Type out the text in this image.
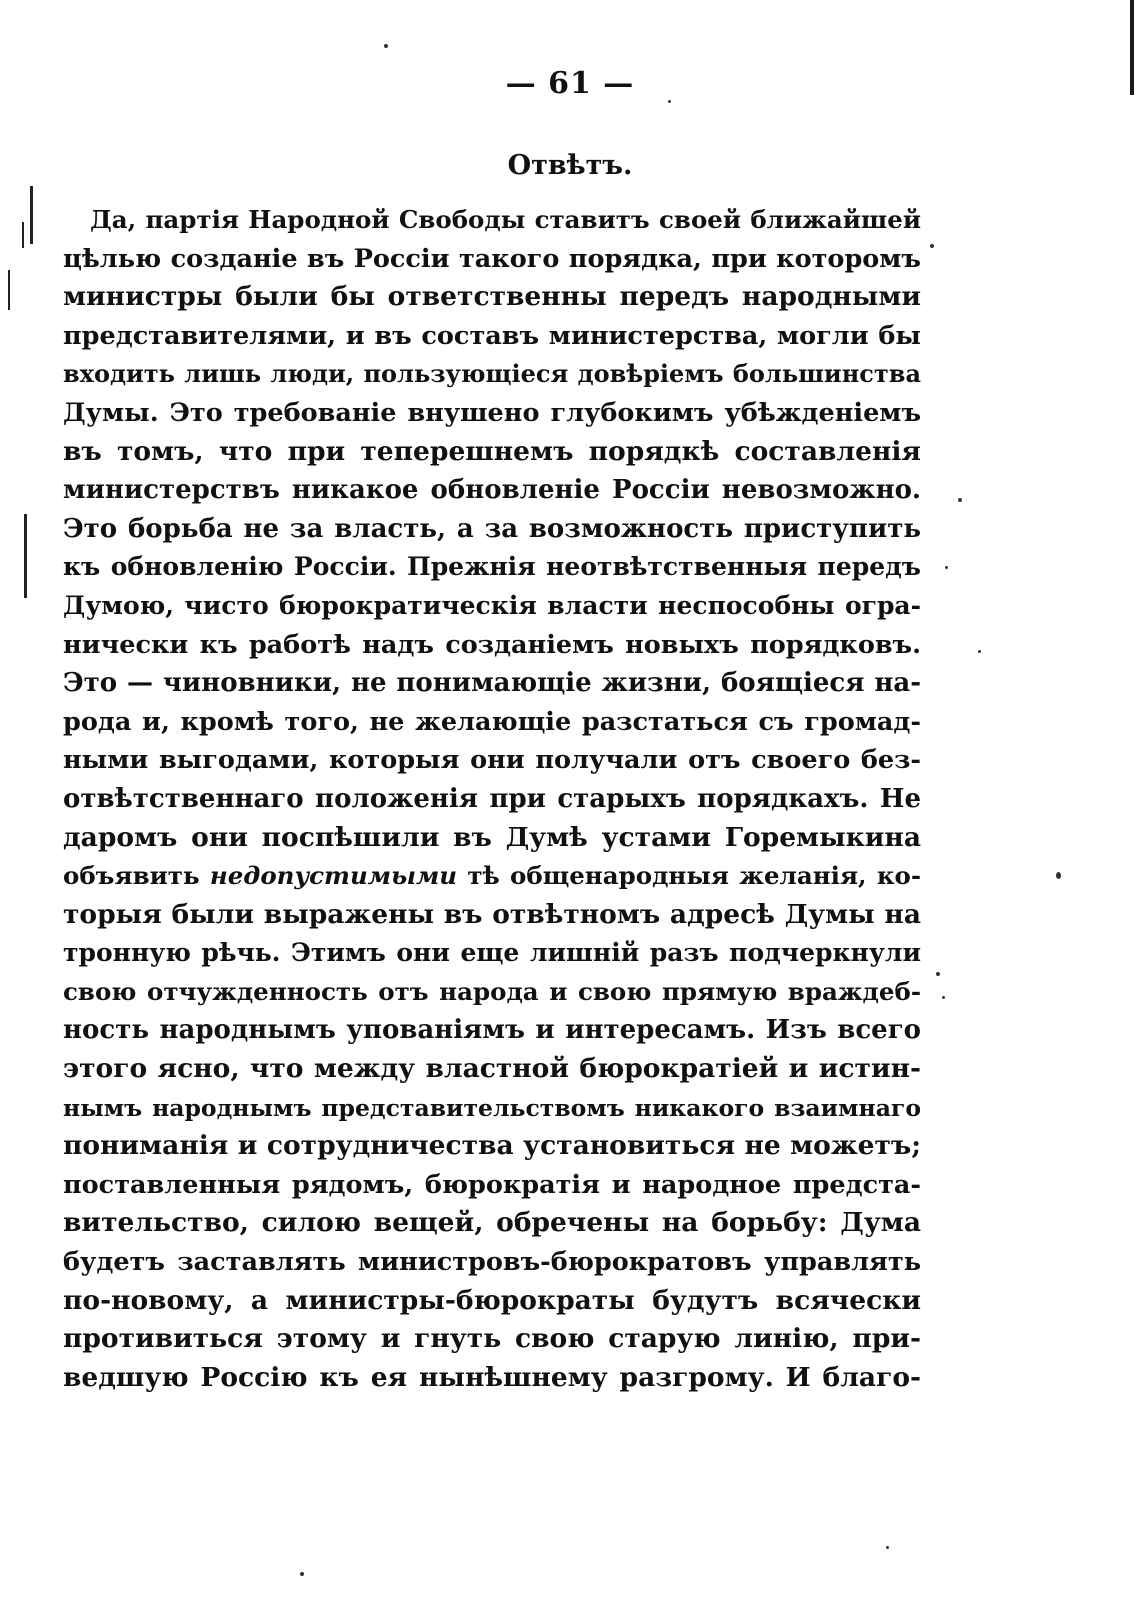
— 61 —
Отвѣтъ.
Да, партія Народной Свободы ставитъ своей ближайшей
цѣлью созданіе въ Россіи такого порядка, при которомъ
министры были бы ответственны передъ народными
представителями, и въ составъ министерства, могли бы
входить лишь люди, пользующіеся довѣріемъ большинства
Думы. Это требованіе внушено глубокимъ убѣжденіемъ
въ томъ, что при теперешнемъ порядкѣ составленія
министерствъ никакое обновленіе Россіи невозможно.
Это борьба не за власть, а за возможность приступить
къ обновленію Россіи. Прежнія неотвѣтственныя передъ
Думою, чисто бюрократическія власти неспособны огра-
нически къ работѣ надъ созданіемъ новыхъ порядковъ.
Это — чиновники, не понимающіе жизни, боящіеся на-
рода и, кромѣ того, не желающіе разстаться съ громад-
ными выгодами, которыя они получали отъ своего без-
отвѣтственнаго положенія при старыхъ порядкахъ. Не
даромъ они поспѣшили въ Думѣ устами Горемыкина
объявить недопустимыми тѣ общенародныя желанія, ко-
торыя были выражены въ отвѣтномъ адресѣ Думы на
тронную рѣчь. Этимъ они еще лишній разъ подчеркнули
свою отчужденность отъ народа и свою прямую враждеб-
ность народнымъ упованіямъ и интересамъ. Изъ всего
этого ясно, что между властной бюрократіей и истин-
нымъ народнымъ представительствомъ никакого взаимнаго
пониманія и сотрудничества установиться не можетъ;
поставленныя рядомъ, бюрократія и народное предста-
вительство, силою вещей, обречены на борьбу: Дума
будетъ заставлять министровъ-бюрократовъ управлять
по-новому, а министры-бюрократы будутъ всячески
противиться этому и гнуть свою старую линію, при-
ведшую Россію къ ея нынѣшнему разгрому. И благо-
